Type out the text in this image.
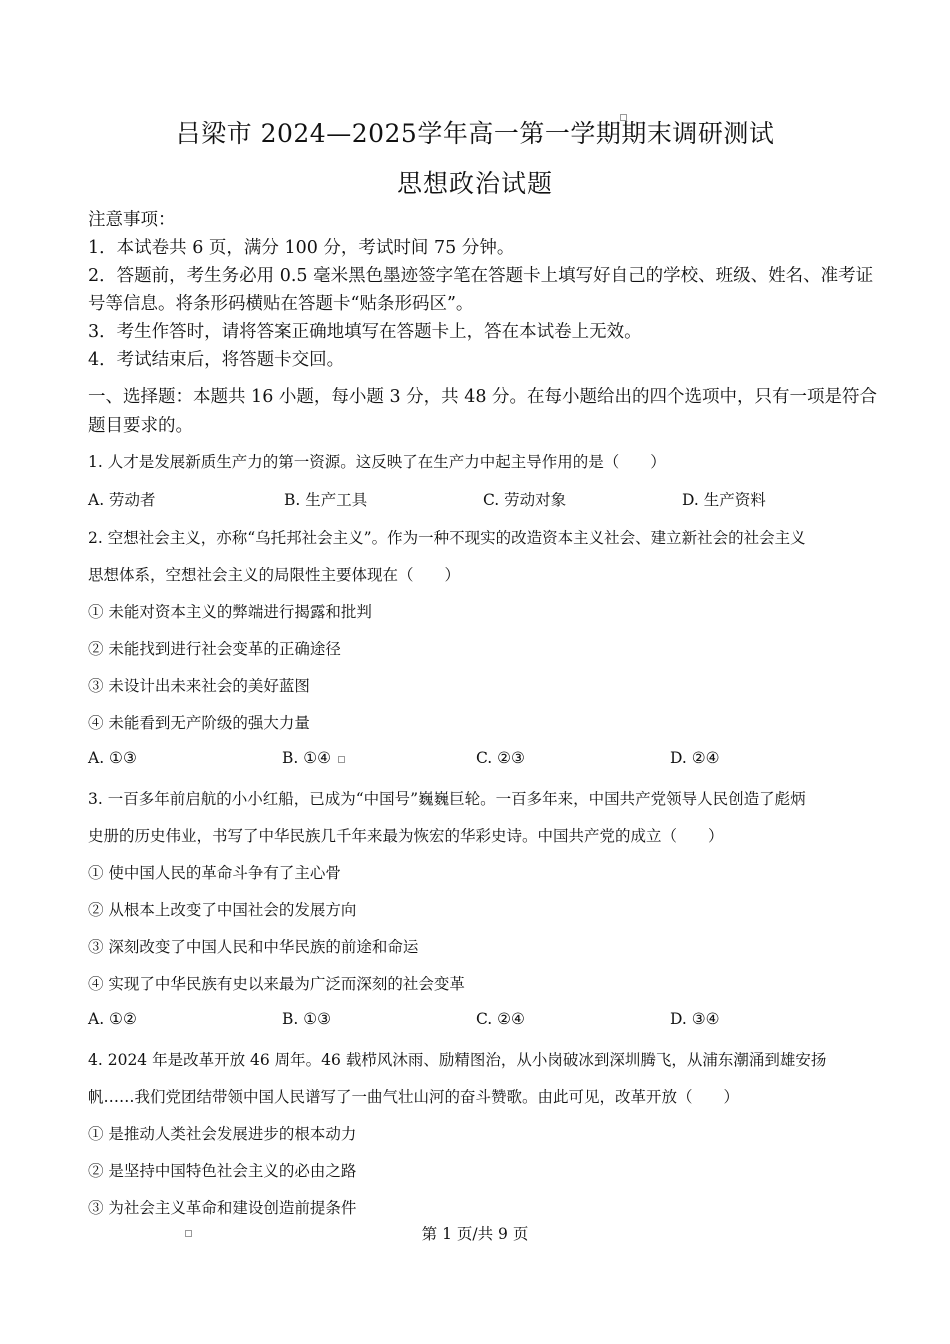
吕梁市 2024—2025学年高一第一学期期末调研测试
思想政治试题

注意事项：

1．本试卷共 6 页，满分 100 分，考试时间 75 分钟。

2．答题前，考生务必用 0.5 毫米黑色墨迹签字笔在答题卡上填写好自己的学校、班级、姓名、准考证号等信息。将条形码横贴在答题卡“贴条形码区”。

3．考生作答时，请将答案正确地填写在答题卡上，答在本试卷上无效。

4．考试结束后，将答题卡交回。

一、选择题：本题共 16 小题，每小题 3 分，共 48 分。在每小题给出的四个选项中，只有一项是符合题目要求的。
1. 人才是发展新质生产力的第一资源。这反映了在生产力中起主导作用的是（　　）
A. 劳动者	B. 生产工具	C. 劳动对象	D. 生产资料
2. 空想社会主义，亦称“乌托邦社会主义”。作为一种不现实的改造资本主义社会、建立新社会的社会主义
思想体系，空想社会主义的局限性主要体现在（　　）
① 未能对资本主义的弊端进行揭露和批判
② 未能找到进行社会变革的正确途径
③ 未设计出未来社会的美好蓝图
④ 未能看到无产阶级的强大力量
A. ①③	B. ①④	C. ②③	D. ②④
3. 一百多年前启航的小小红船，已成为“中国号”巍巍巨轮。一百多年来，中国共产党领导人民创造了彪炳
史册的历史伟业，书写了中华民族几千年来最为恢宏的华彩史诗。中国共产党的成立（　　）
① 使中国人民的革命斗争有了主心骨
② 从根本上改变了中国社会的发展方向
③ 深刻改变了中国人民和中华民族的前途和命运
④ 实现了中华民族有史以来最为广泛而深刻的社会变革
A. ①②	B. ①③	C. ②④	D. ③④
4. 2024 年是改革开放 46 周年。46 载栉风沐雨、励精图治，从小岗破冰到深圳腾飞，从浦东潮涌到雄安扬
帆……我们党团结带领中国人民谱写了一曲气壮山河的奋斗赞歌。由此可见，改革开放（　　）
① 是推动人类社会发展进步的根本动力
② 是坚持中国特色社会主义的必由之路
③ 为社会主义革命和建设创造前提条件
第 1 页/共 9 页
